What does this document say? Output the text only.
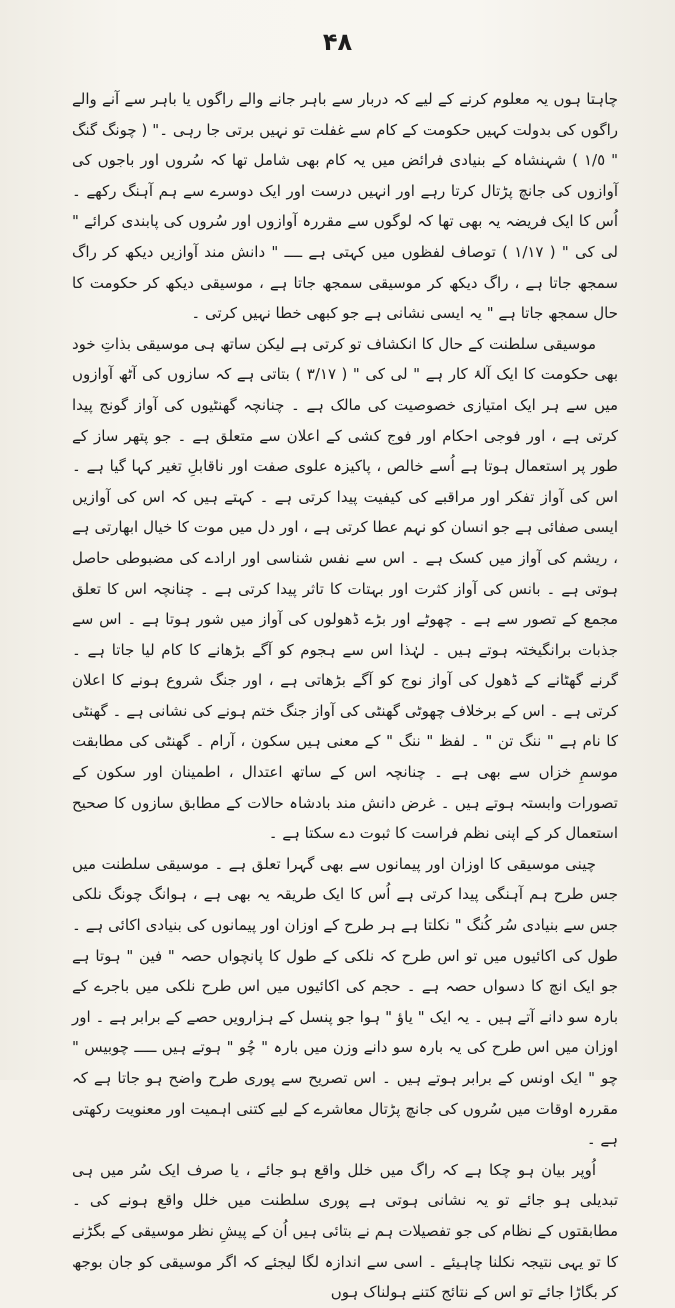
۴۸

چاہتا ہوں یہ معلوم کرنے کے لیے کہ دربار سے باہر جانے والے راگوں یا باہر سے آنے والے راگوں کی بدولت کہیں حکومت کے کام سے غفلت تو نہیں برتی جا رہی ۔" ( چونگ گنگ " ١/٥ ) شہنشاہ کے بنیادی فرائض میں یہ کام بھی شامل تھا کہ سُروں اور باجوں کی آوازوں کی جانچ پڑتال کرتا رہے اور انہیں درست اور ایک دوسرے سے ہم آہنگ رکھے ۔ اُس کا ایک فریضہ یہ بھی تھا کہ لوگوں سے مقررہ آوازوں اور سُروں کی پابندی کرائے " لی کی " ( ١/١٧ ) توصاف لفظوں میں کہتی ہے ــــ " دانش مند آوازیں دیکھ کر راگ سمجھ جاتا ہے ، راگ دیکھ کر موسیقی سمجھ جاتا ہے ، موسیقی دیکھ کر حکومت کا حال سمجھ جاتا ہے " یہ ایسی نشانی ہے جو کبھی خطا نہیں کرتی ۔

موسیقی سلطنت کے حال کا انکشاف تو کرتی ہے لیکن ساتھ ہی موسیقی بذاتِ خود بھی حکومت کا ایک آلۂ کار ہے " لی کی " ( ٣/١٧ ) بتاتی ہے کہ سازوں کی آٹھ آوازوں میں سے ہر ایک امتیازی خصوصیت کی مالک ہے ۔ چنانچہ گھنٹیوں کی آواز گونج پیدا کرتی ہے ، اور فوجی احکام اور فوج کشی کے اعلان سے متعلق ہے ۔ جو پتھر ساز کے طور پر استعمال ہوتا ہے اُسے خالص ، پاکیزہ علوی صفت اور ناقابلِ تغیر کہا گیا ہے ۔ اس کی آواز تفکر اور مراقبے کی کیفیت پیدا کرتی ہے ۔ کہتے ہیں کہ اس کی آوازیں ایسی صفائی ہے جو انسان کو نہم عطا کرتی ہے ، اور دل میں موت کا خیال ابھارتی ہے ، ریشم کی آواز میں کسک ہے ۔ اس سے نفس شناسی اور ارادے کی مضبوطی حاصل ہوتی ہے ۔ بانس کی آواز کثرت اور بہتات کا تاثر پیدا کرتی ہے ۔ چنانچہ اس کا تعلق مجمع کے تصور سے ہے ۔ چھوٹے اور بڑے ڈھولوں کی آواز میں شور ہوتا ہے ۔ اس سے جذبات برانگیختہ ہوتے ہیں ۔ لہٰذا اس سے ہجوم کو آگے بڑھانے کا کام لیا جاتا ہے ۔ گرنے گھٹانے کے ڈھول کی آواز نوج کو آگے بڑھاتی ہے ، اور جنگ شروع ہونے کا اعلان کرتی ہے ۔ اس کے برخلاف چھوٹی گھنٹی کی آواز جنگ ختم ہونے کی نشانی ہے ۔ گھنٹی کا نام ہے " ننگ تن " ۔ لفظ " ننگ " کے معنی ہیں سکون ، آرام ۔ گھنٹی کی مطابقت موسمِ خزاں سے بھی ہے ۔ چنانچہ اس کے ساتھ اعتدال ، اطمینان اور سکون کے تصورات وابستہ ہوتے ہیں ۔ غرض دانش مند بادشاہ حالات کے مطابق سازوں کا صحیح استعمال کر کے اپنی نظم فراست کا ثبوت دے سکتا ہے ۔

چینی موسیقی کا اوزان اور پیمانوں سے بھی گہرا تعلق ہے ۔ موسیقی سلطنت میں جس طرح ہم آہنگی پیدا کرتی ہے اُس کا ایک طریقہ یہ بھی ہے ، ہوانگ چونگ نلکی جس سے بنیادی سُر کُنگ " نکلتا ہے ہر طرح کے اوزان اور پیمانوں کی بنیادی اکائی ہے ۔ طول کی اکائیوں میں تو اس طرح کہ نلکی کے طول کا پانچواں حصہ " فین " ہوتا ہے جو ایک انچ کا دسواں حصہ ہے ۔ حجم کی اکائیوں میں اس طرح نلکی میں باجرے کے بارہ سو دانے آتے ہیں ۔ یہ ایک " یاؤ " ہوا جو پنسل کے ہزارویں حصے کے برابر ہے ۔ اور اوزان میں اس طرح کی یہ بارہ سو دانے وزن میں بارہ " چُو " ہوتے ہیں ـــــ چوبیس " چو " ایک اونس کے برابر ہوتے ہیں ۔ اس تصریح سے پوری طرح واضح ہو جاتا ہے کہ مقررہ اوقات میں سُروں کی جانچ پڑتال معاشرے کے لیے کتنی اہمیت اور معنویت رکھتی ہے ۔

اُوپر بیان ہو چکا ہے کہ راگ میں خلل واقع ہو جائے ، یا صرف ایک سُر میں ہی تبدیلی ہو جائے تو یہ نشانی ہوتی ہے پوری سلطنت میں خلل واقع ہونے کی ۔ مطابقتوں کے نظام کی جو تفصیلات ہم نے بتائی ہیں اُن کے پیشِ نظر موسیقی کے بگڑنے کا تو یہی نتیجہ نکلنا چاہیئے ۔ اسی سے اندازہ لگا لیجئے کہ اگر موسیقی کو جان بوجھ کر بگاڑا جائے تو اس کے نتائج کتنے ہولناک ہوں
